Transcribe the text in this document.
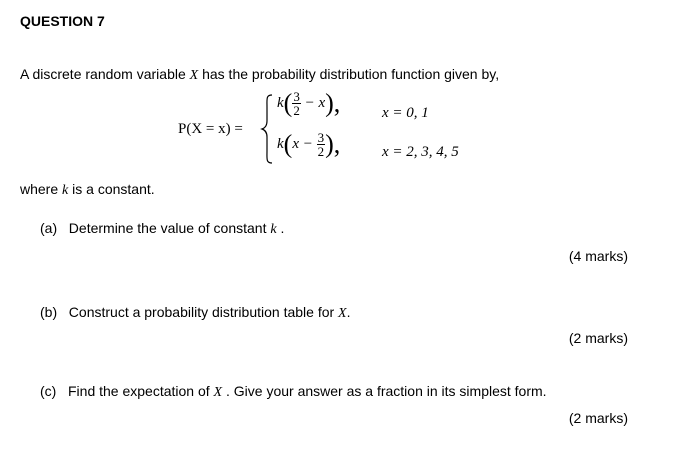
QUESTION 7
A discrete random variable X has the probability distribution function given by,
P(X = x) =
$k( \frac{3}{2} - x)$,	x = 0, 1
$k(x - \frac{3}{2}$ ),	x = 2, 3, 4, 5
where k is a constant.
(a) Determine the value of constant k .
(4 marks)
(b) Construct a probability distribution table for X.
(2 marks)
(c) Find the expectation of X . Give your answer as a fraction in its simplest form.
(2 marks)
